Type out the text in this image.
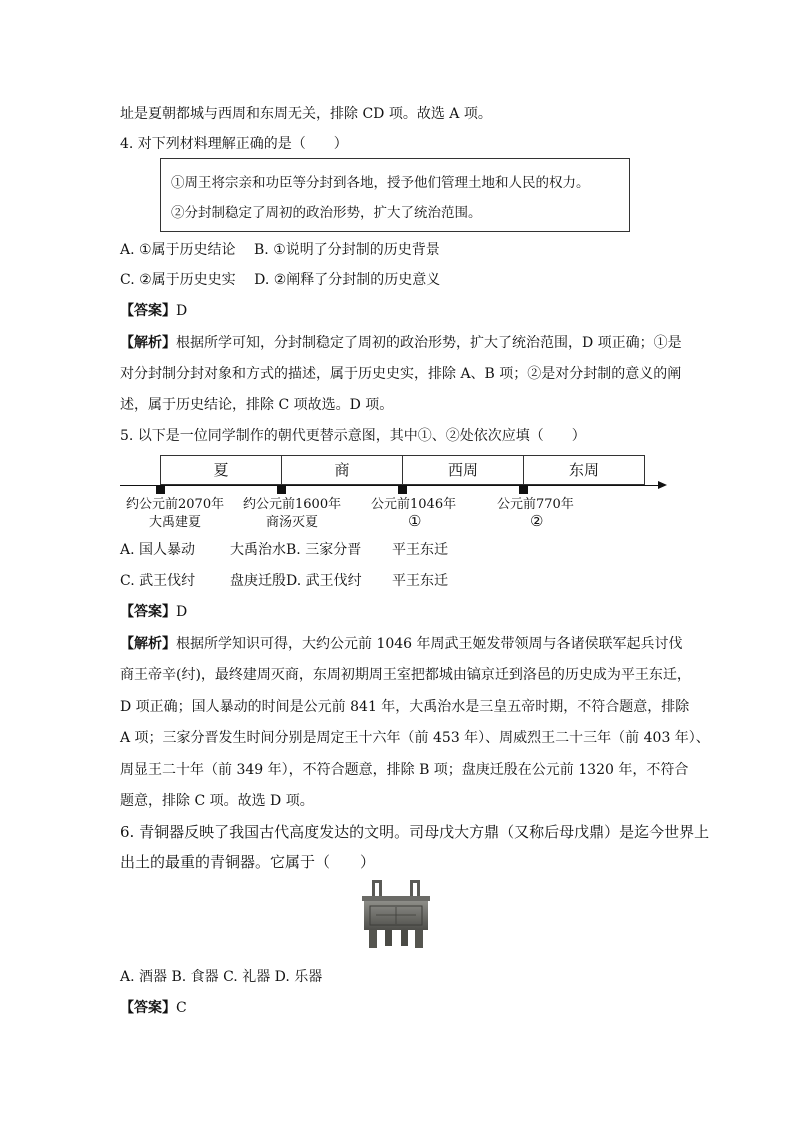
址是夏朝都城与西周和东周无关，排除 CD 项。故选 A 项。
4. 对下列材料理解正确的是（　　）
①周王将宗亲和功臣等分封到各地，授予他们管理土地和人民的权力。
②分封制稳定了周初的政治形势，扩大了统治范围。
A. ①属于历史结论　 B. ①说明了分封制的历史背景
C. ②属于历史史实　 D. ②阐释了分封制的历史意义
【答案】D
【解析】根据所学可知，分封制稳定了周初的政治形势，扩大了统治范围，D 项正确；①是
对分封制分封对象和方式的描述，属于历史史实，排除 A、B 项；②是对分封制的意义的阐
述，属于历史结论，排除 C 项故选。D 项。
5. 以下是一位同学制作的朝代更替示意图，其中①、②处依次应填（　　）
夏	商	西周	东周
约公元前2070年 约公元前1600年 公元前1046年	公元前770年
大禹建夏	商汤灭夏	①	②
A. 国人暴动 大禹治水 B. 三家分晋 平王东迁
C. 武王伐纣 盘庚迁殷 D. 武王伐纣 平王东迁
【答案】D
【解析】根据所学知识可得，大约公元前 1046 年周武王姬发带领周与各诸侯联军起兵讨伐
商王帝辛(纣)，最终建周灭商，东周初期周王室把都城由镐京迁到洛邑的历史成为平王东迁，
D 项正确；国人暴动的时间是公元前 841 年，大禹治水是三皇五帝时期，不符合题意，排除
A 项；三家分晋发生时间分别是周定王十六年（前 453 年）、周威烈王二十三年（前 403 年）、
周显王二十年（前 349 年），不符合题意，排除 B 项；盘庚迁殷在公元前 1320 年，不符合
题意，排除 C 项。故选 D 项。
6. 青铜器反映了我国古代高度发达的文明。司母戊大方鼎（又称后母戊鼎）是迄今世界上
出土的最重的青铜器。它属于（　　）
A. 酒器 B. 食器 C. 礼器 D. 乐器
【答案】C
